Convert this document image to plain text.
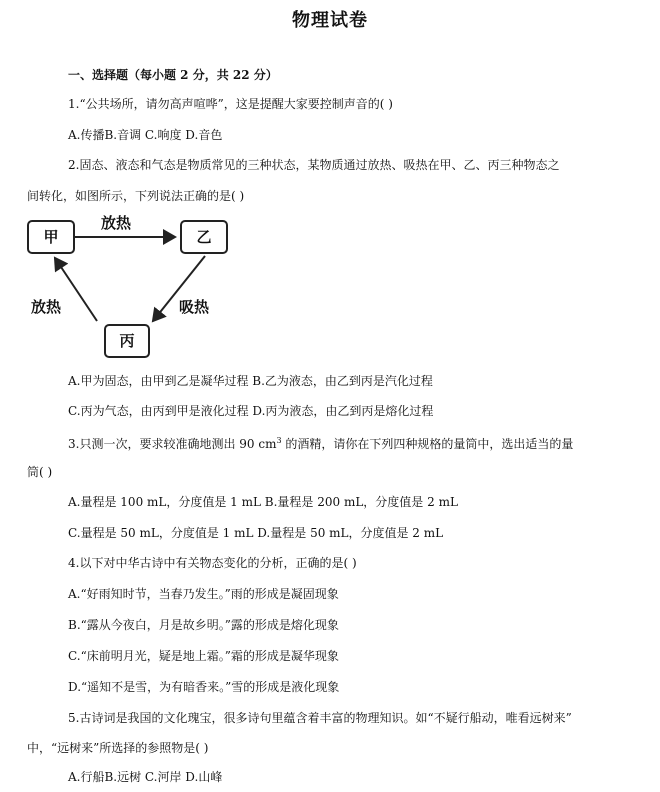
物理试卷
一、选择题（每小题 2 分，共 22 分）
1.“公共场所，请勿高声喧哗”，这是提醒大家要控制声音的( )
A.传播B.音调 C.响度 D.音色
2.固态、液态和气态是物质常见的三种状态，某物质通过放热、吸热在甲、乙、丙三种物态之
间转化，如图所示，下列说法正确的是( )
甲	乙
丙
放热
放热	吸热
A.甲为固态，由甲到乙是凝华过程 B.乙为液态，由乙到丙是汽化过程
C.丙为气态，由丙到甲是液化过程 D.丙为液态，由乙到丙是熔化过程
3.只测一次，要求较准确地测出 90 $cm^3$ 的酒精，请你在下列四种规格的量筒中，选出适当的量
筒( )
A.量程是 100 mL，分度值是 1 mL B.量程是 200 mL，分度值是 2 mL
C.量程是 50 mL，分度值是 1 mL D.量程是 50 mL，分度值是 2 mL
4.以下对中华古诗中有关物态变化的分析，正确的是( )
A.“好雨知时节，当春乃发生。”雨的形成是凝固现象
B.“露从今夜白，月是故乡明。”露的形成是熔化现象
C.“床前明月光，疑是地上霜。”霜的形成是凝华现象
D.“遥知不是雪，为有暗香来。”雪的形成是液化现象
5.古诗词是我国的文化瑰宝，很多诗句里蕴含着丰富的物理知识。如“不疑行船动，唯看远树来”
中，“远树来”所选择的参照物是( )
A.行船B.远树 C.河岸 D.山峰
